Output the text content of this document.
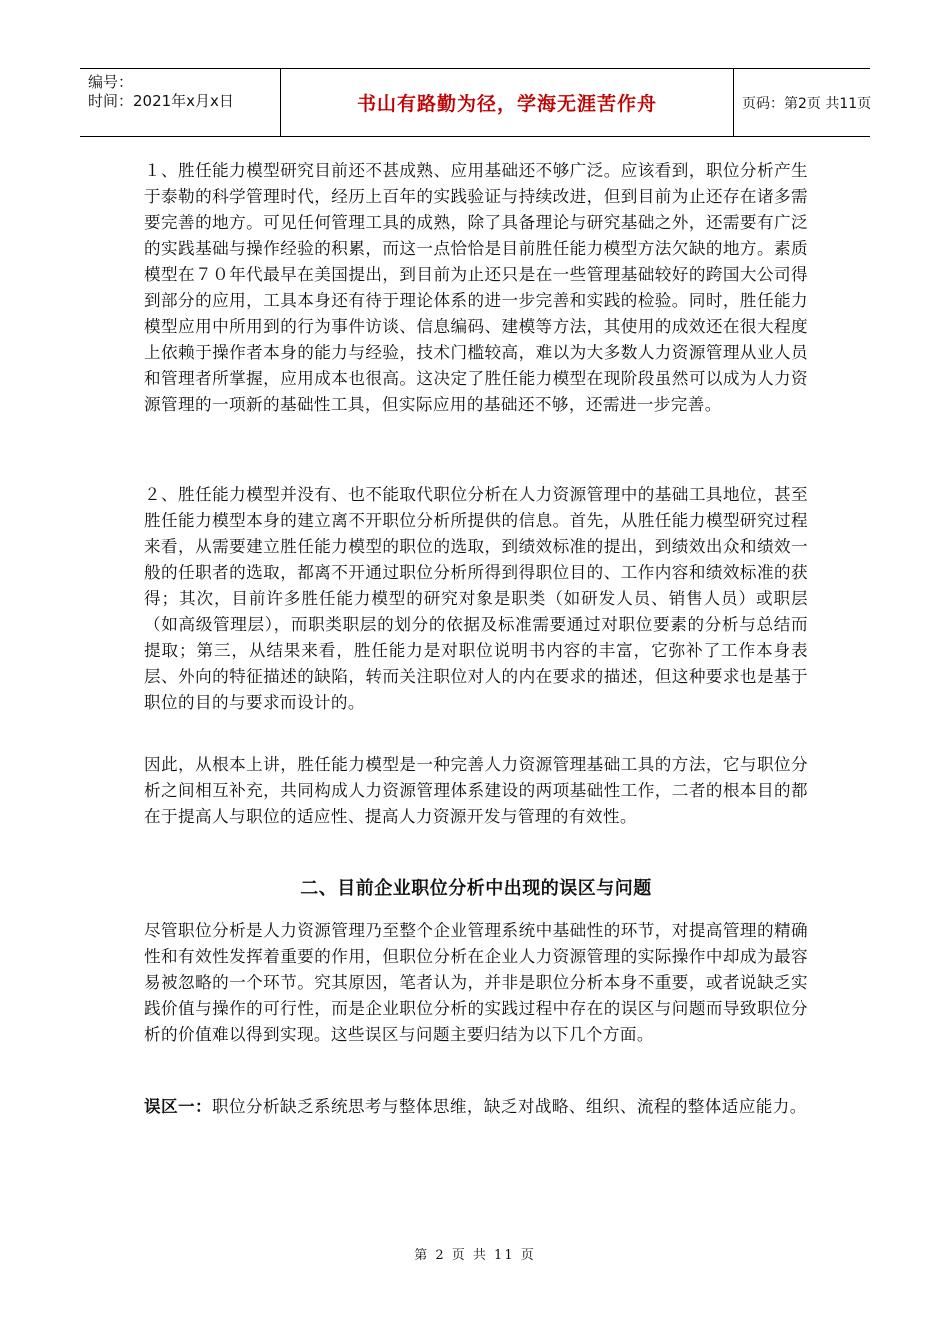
编号：
时间：2021年x月x日	书山有路勤为径，学海无涯苦作舟	页码：第2页 共11页

１、胜任能力模型研究目前还不甚成熟、应用基础还不够广泛。应该看到，职位分析产生于泰勒的科学管理时代，经历上百年的实践验证与持续改进，但到目前为止还存在诸多需要完善的地方。可见任何管理工具的成熟，除了具备理论与研究基础之外，还需要有广泛的实践基础与操作经验的积累，而这一点恰恰是目前胜任能力模型方法欠缺的地方。素质模型在７０年代最早在美国提出，到目前为止还只是在一些管理基础较好的跨国大公司得到部分的应用，工具本身还有待于理论体系的进一步完善和实践的检验。同时，胜任能力模型应用中所用到的行为事件访谈、信息编码、建模等方法，其使用的成效还在很大程度上依赖于操作者本身的能力与经验，技术门槛较高，难以为大多数人力资源管理从业人员和管理者所掌握，应用成本也很高。这决定了胜任能力模型在现阶段虽然可以成为人力资源管理的一项新的基础性工具，但实际应用的基础还不够，还需进一步完善。

２、胜任能力模型并没有、也不能取代职位分析在人力资源管理中的基础工具地位，甚至胜任能力模型本身的建立离不开职位分析所提供的信息。首先，从胜任能力模型研究过程来看，从需要建立胜任能力模型的职位的选取，到绩效标准的提出，到绩效出众和绩效一般的任职者的选取，都离不开通过职位分析所得到得职位目的、工作内容和绩效标准的获得；其次，目前许多胜任能力模型的研究对象是职类（如研发人员、销售人员）或职层（如高级管理层），而职类职层的划分的依据及标准需要通过对职位要素的分析与总结而提取；第三，从结果来看，胜任能力是对职位说明书内容的丰富，它弥补了工作本身表层、外向的特征描述的缺陷，转而关注职位对人的内在要求的描述，但这种要求也是基于职位的目的与要求而设计的。

因此，从根本上讲，胜任能力模型是一种完善人力资源管理基础工具的方法，它与职位分析之间相互补充，共同构成人力资源管理体系建设的两项基础性工作，二者的根本目的都在于提高人与职位的适应性、提高人力资源开发与管理的有效性。

二、目前企业职位分析中出现的误区与问题

尽管职位分析是人力资源管理乃至整个企业管理系统中基础性的环节，对提高管理的精确性和有效性发挥着重要的作用，但职位分析在企业人力资源管理的实际操作中却成为最容易被忽略的一个环节。究其原因，笔者认为，并非是职位分析本身不重要，或者说缺乏实践价值与操作的可行性，而是企业职位分析的实践过程中存在的误区与问题而导致职位分析的价值难以得到实现。这些误区与问题主要归结为以下几个方面。

误区一：职位分析缺乏系统思考与整体思维，缺乏对战略、组织、流程的整体适应能力。

第 2 页 共 11 页
